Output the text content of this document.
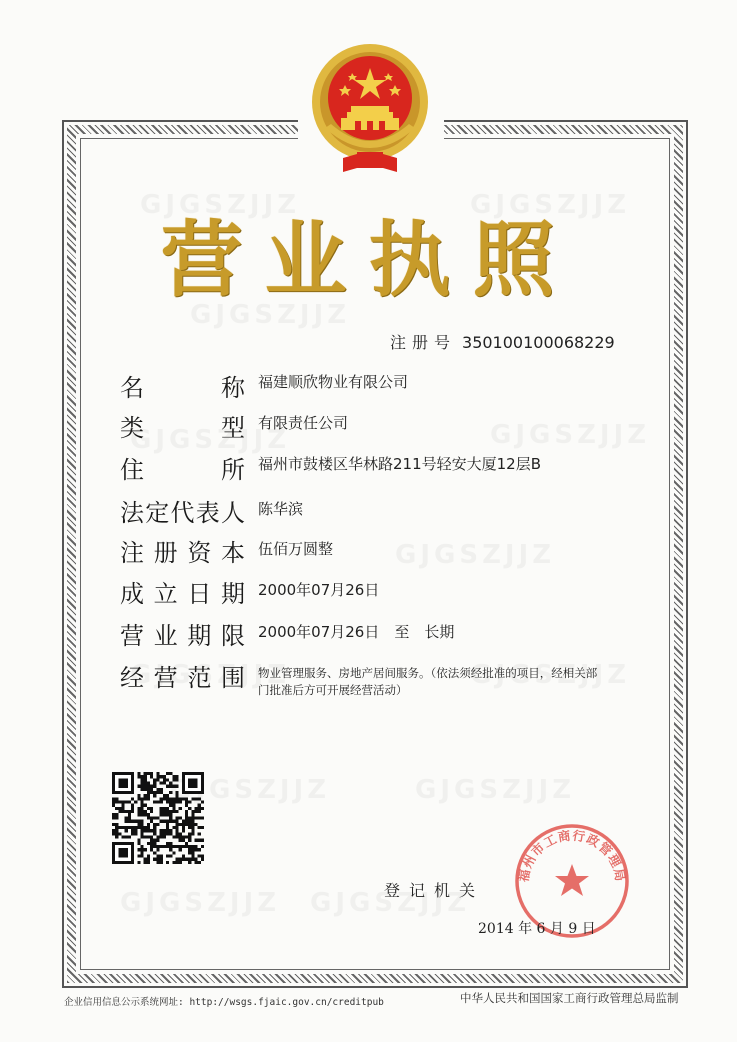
营业执照
注册号 350100100068229
名　　称 福建顺欣物业有限公司
类　　型 有限责任公司
住　　所 福州市鼓楼区华林路211号轻安大厦12层B
法定代表人 陈华滨
注册资本 伍佰万圆整
成立日期 2000年07月26日
营业期限 2000年07月26日　至　长期
经营范围 物业管理服务、房地产居间服务。（依法须经批准的项目，经相关部门批准后方可开展经营活动）
福州市工商行政管理局
登记机关
2014 年 6 月 9 日
企业信用信息公示系统网址: http://wsgs.fjaic.gov.cn/creditpub	中华人民共和国国家工商行政管理总局监制
